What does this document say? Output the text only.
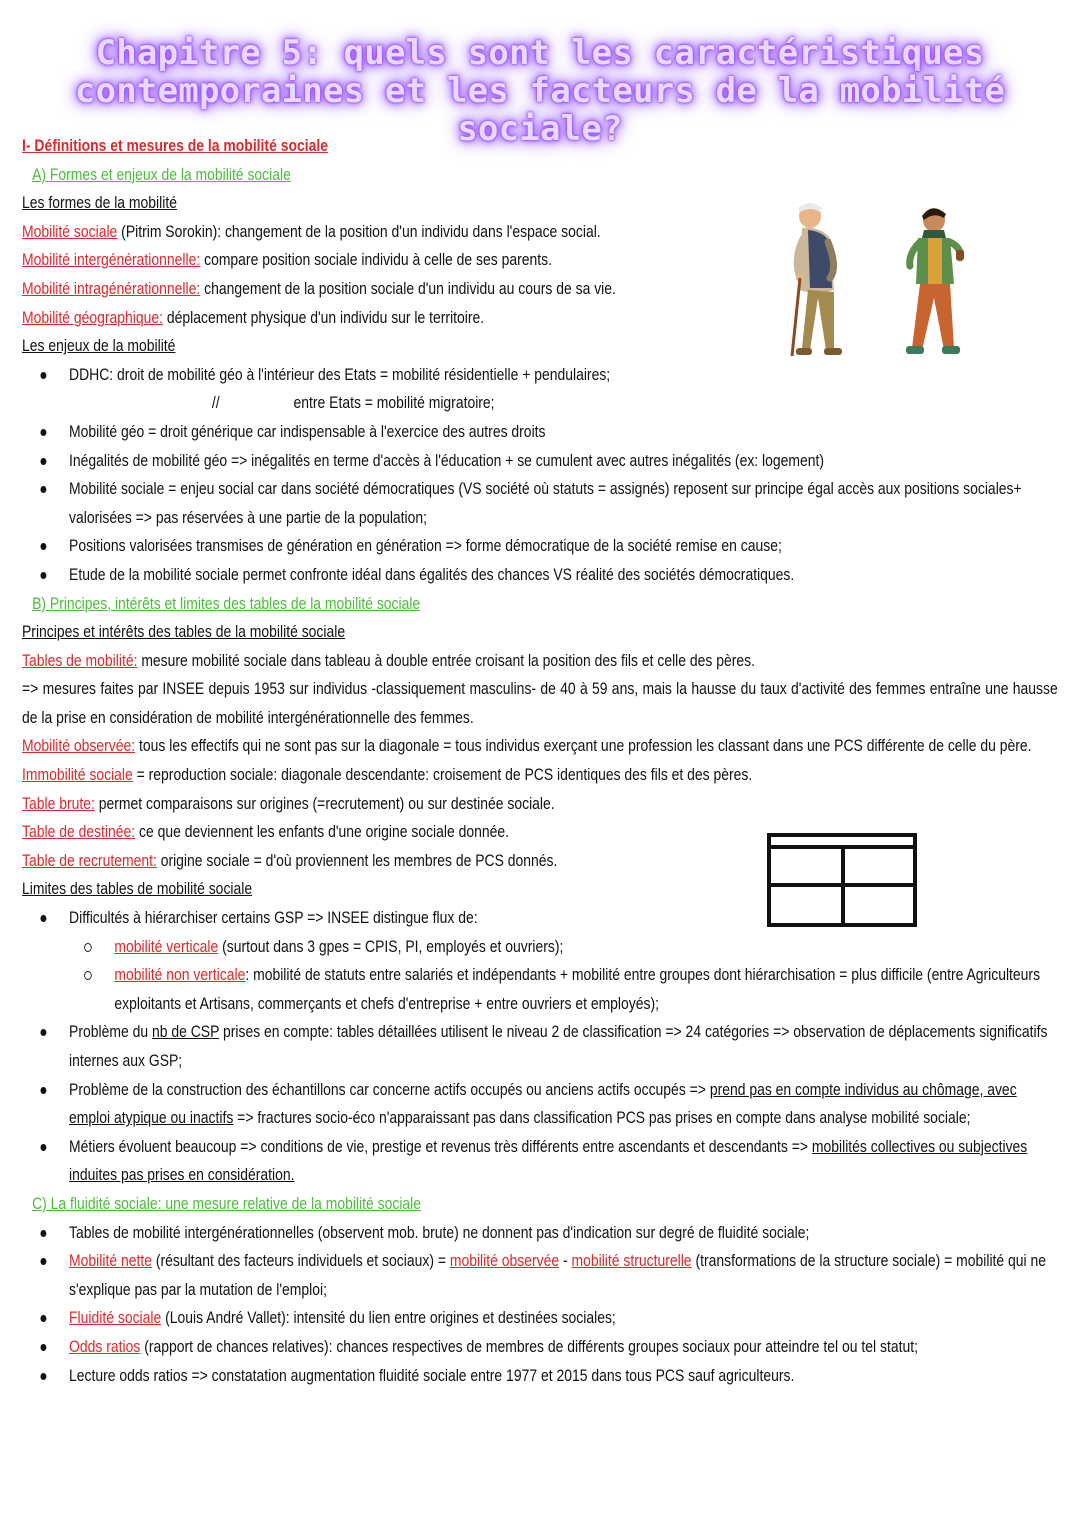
Chapitre 5: quels sont les caractéristiques contemporaines et les facteurs de la mobilité sociale?
I- Définitions et mesures de la mobilité sociale
A) Formes et enjeux de la mobilité sociale
Les formes de la mobilité
Mobilité sociale (Pitrim Sorokin): changement de la position d'un individu dans l'espace social.
Mobilité intergénérationnelle: compare position sociale individu à celle de ses parents.
Mobilité intragénérationnelle: changement de la position sociale d'un individu au cours de sa vie.
Mobilité géographique: déplacement physique d'un individu sur le territoire.
Les enjeux de la mobilité
DDHC: droit de mobilité géo à l'intérieur des Etats = mobilité résidentielle + pendulaires;
//	entre Etats = mobilité migratoire;
Mobilité géo = droit générique car indispensable à l'exercice des autres droits
Inégalités de mobilité géo => inégalités en terme d'accès à l'éducation + se cumulent avec autres inégalités (ex: logement)
Mobilité sociale = enjeu social car dans société démocratiques (VS société où statuts = assignés) reposent sur principe égal accès aux positions sociales+ valorisées => pas réservées à une partie de la population;
Positions valorisées transmises de génération en génération => forme démocratique de la société remise en cause;
Etude de la mobilité sociale permet confronte idéal dans égalités des chances VS réalité des sociétés démocratiques.
B) Principes, intérêts et limites des tables de la mobilité sociale
Principes et intérêts des tables de la mobilité sociale
Tables de mobilité: mesure mobilité sociale dans tableau à double entrée croisant la position des fils et celle des pères.
=> mesures faites par INSEE depuis 1953 sur individus -classiquement masculins- de 40 à 59 ans, mais la hausse du taux d'activité des femmes entraîne une hausse de la prise en considération de mobilité intergénérationnelle des femmes.
Mobilité observée: tous les effectifs qui ne sont pas sur la diagonale = tous individus exerçant une profession les classant dans une PCS différente de celle du père.
Immobilité sociale = reproduction sociale: diagonale descendante: croisement de PCS identiques des fils et des pères.
Table brute: permet comparaisons sur origines (=recrutement) ou sur destinée sociale.
Table de destinée: ce que deviennent les enfants d'une origine sociale donnée.
Table de recrutement: origine sociale = d'où proviennent les membres de PCS donnés.
Limites des tables de mobilité sociale
Difficultés à hiérarchiser certains GSP => INSEE distingue flux de:
mobilité verticale (surtout dans 3 gpes = CPIS, PI, employés et ouvriers);
mobilité non verticale: mobilité de statuts entre salariés et indépendants + mobilité entre groupes dont hiérarchisation = plus difficile (entre Agriculteurs exploitants et Artisans, commerçants et chefs d'entreprise + entre ouvriers et employés);
Problème du nb de CSP prises en compte: tables détaillées utilisent le niveau 2 de classification => 24 catégories => observation de déplacements significatifs internes aux GSP;
Problème de la construction des échantillons car concerne actifs occupés ou anciens actifs occupés => prend pas en compte individus au chômage, avec emploi atypique ou inactifs => fractures socio-éco n'apparaissant pas dans classification PCS pas prises en compte dans analyse mobilité sociale;
Métiers évoluent beaucoup => conditions de vie, prestige et revenus très différents entre ascendants et descendants => mobilités collectives ou subjectives induites pas prises en considération.
C) La fluidité sociale: une mesure relative de la mobilité sociale
Tables de mobilité intergénérationnelles (observent mob. brute) ne donnent pas d'indication sur degré de fluidité sociale;
Mobilité nette (résultant des facteurs individuels et sociaux) = mobilité observée - mobilité structurelle (transformations de la structure sociale) = mobilité qui ne s'explique pas par la mutation de l'emploi;
Fluidité sociale (Louis André Vallet): intensité du lien entre origines et destinées sociales;
Odds ratios (rapport de chances relatives): chances respectives de membres de différents groupes sociaux pour atteindre tel ou tel statut;
Lecture odds ratios => constatation augmentation fluidité sociale entre 1977 et 2015 dans tous PCS sauf agriculteurs.
